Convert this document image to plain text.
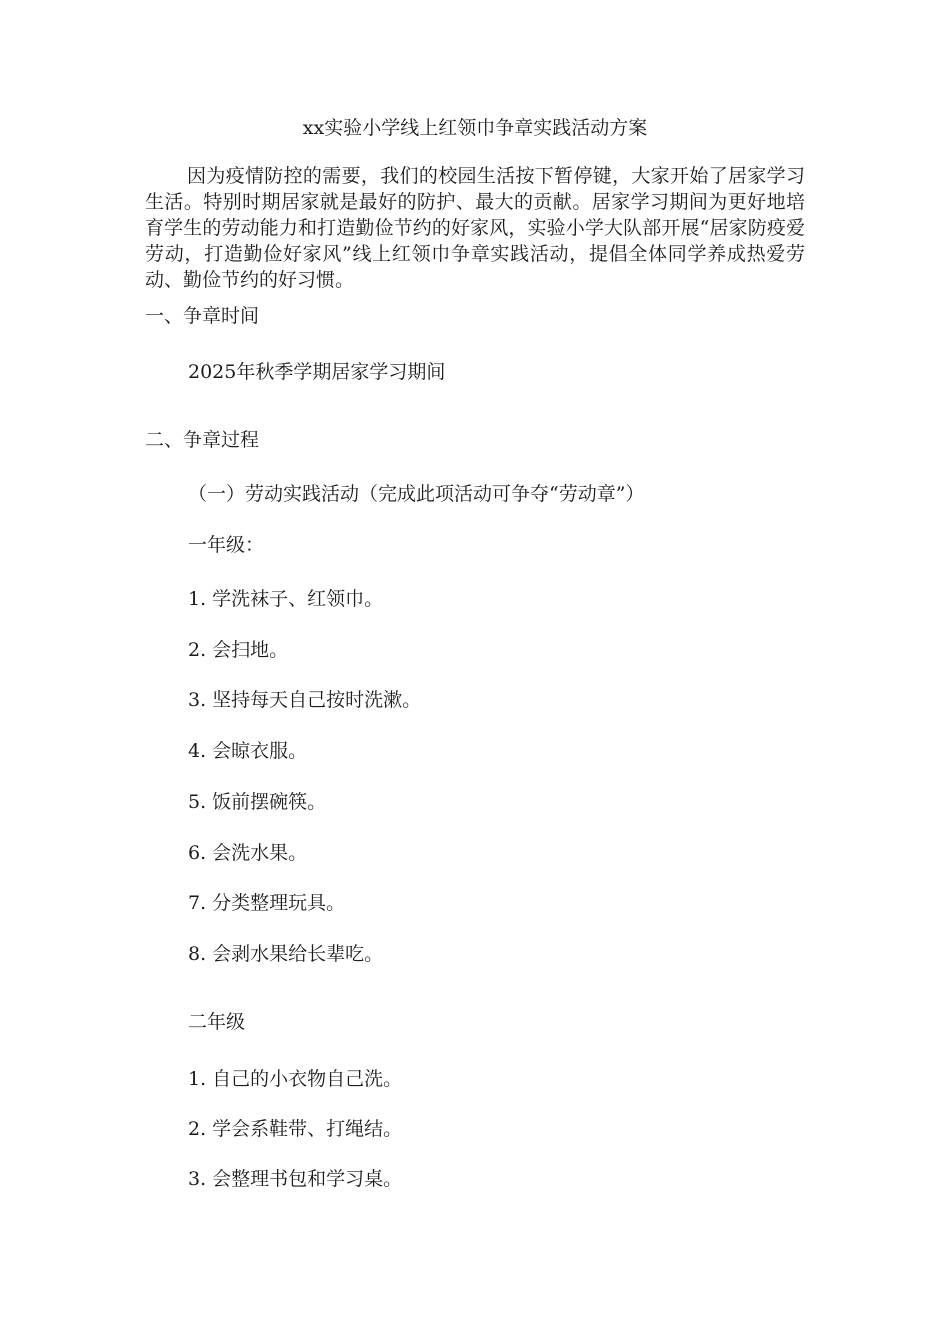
xx实验小学线上红领巾争章实践活动方案
因为疫情防控的需要，我们的校园生活按下暂停键，大家开始了居家学习生活。特别时期居家就是最好的防护、最大的贡献。居家学习期间为更好地培育学生的劳动能力和打造勤俭节约的好家风，实验小学大队部开展“居家防疫爱劳动，打造勤俭好家风”线上红领巾争章实践活动，提倡全体同学养成热爱劳动、勤俭节约的好习惯。
一、争章时间
2025年秋季学期居家学习期间
二、争章过程
（一）劳动实践活动（完成此项活动可争夺“劳动章”）
一年级：
1. 学洗袜子、红领巾。
2. 会扫地。
3. 坚持每天自己按时洗漱。
4. 会晾衣服。
5. 饭前摆碗筷。
6. 会洗水果。
7. 分类整理玩具。
8. 会剥水果给长辈吃。
二年级
1. 自己的小衣物自己洗。
2. 学会系鞋带、打绳结。
3. 会整理书包和学习桌。
